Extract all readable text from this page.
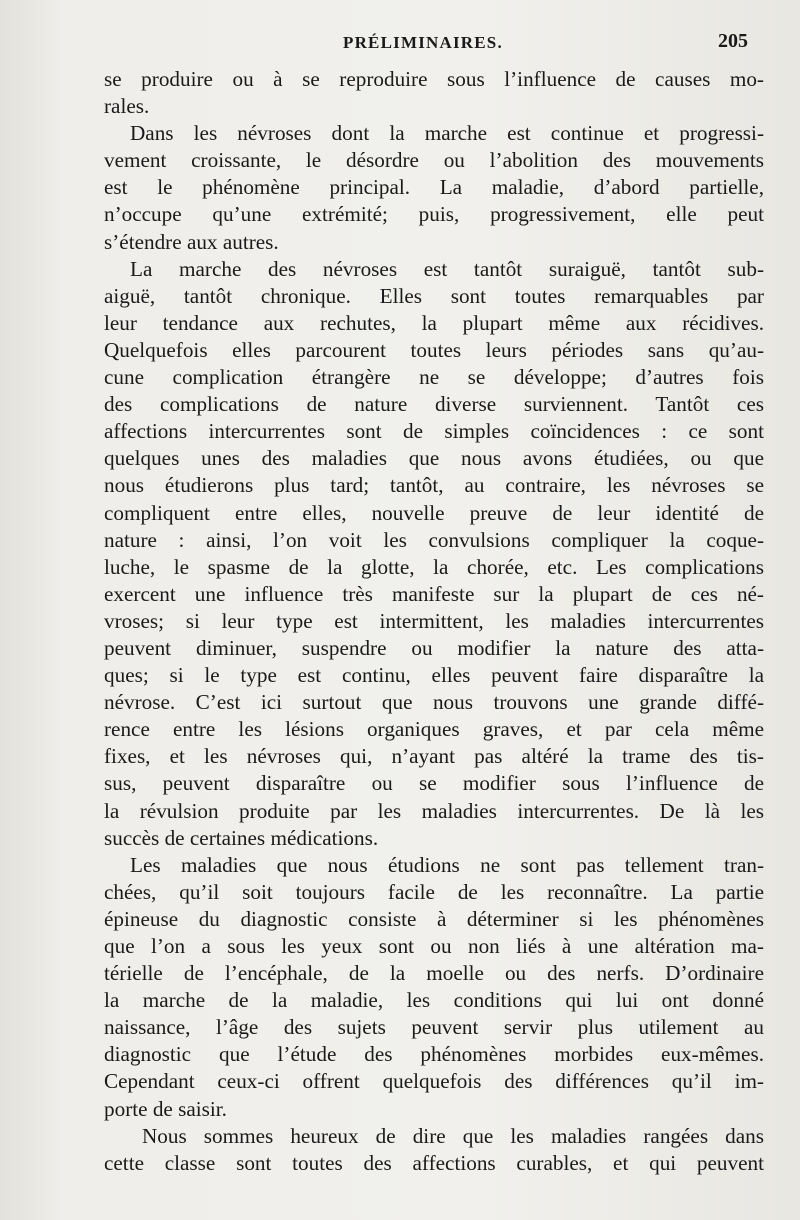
PRÉLIMINAIRES.	205
se produire ou à se reproduire sous l’influence de causes mo-
rales.
Dans les névroses dont la marche est continue et progressi-
vement croissante, le désordre ou l’abolition des mouvements
est le phénomène principal. La maladie, d’abord partielle,
n’occupe qu’une extrémité; puis, progressivement, elle peut
s’étendre aux autres.
La marche des névroses est tantôt suraiguë, tantôt sub-
aiguë, tantôt chronique. Elles sont toutes remarquables par
leur tendance aux rechutes, la plupart même aux récidives.
Quelquefois elles parcourent toutes leurs périodes sans qu’au-
cune complication étrangère ne se développe; d’autres fois
des complications de nature diverse surviennent. Tantôt ces
affections intercurrentes sont de simples coïncidences : ce sont
quelques unes des maladies que nous avons étudiées, ou que
nous étudierons plus tard; tantôt, au contraire, les névroses se
compliquent entre elles, nouvelle preuve de leur identité de
nature : ainsi, l’on voit les convulsions compliquer la coque-
luche, le spasme de la glotte, la chorée, etc. Les complications
exercent une influence très manifeste sur la plupart de ces né-
vroses; si leur type est intermittent, les maladies intercurrentes
peuvent diminuer, suspendre ou modifier la nature des atta-
ques; si le type est continu, elles peuvent faire disparaître la
névrose. C’est ici surtout que nous trouvons une grande diffé-
rence entre les lésions organiques graves, et par cela même
fixes, et les névroses qui, n’ayant pas altéré la trame des tis-
sus, peuvent disparaître ou se modifier sous l’influence de
la révulsion produite par les maladies intercurrentes. De là les
succès de certaines médications.
Les maladies que nous étudions ne sont pas tellement tran-
chées, qu’il soit toujours facile de les reconnaître. La partie
épineuse du diagnostic consiste à déterminer si les phénomènes
que l’on a sous les yeux sont ou non liés à une altération ma-
térielle de l’encéphale, de la moelle ou des nerfs. D’ordinaire
la marche de la maladie, les conditions qui lui ont donné
naissance, l’âge des sujets peuvent servir plus utilement au
diagnostic que l’étude des phénomènes morbides eux-mêmes.
Cependant ceux-ci offrent quelquefois des différences qu’il im-
porte de saisir.
Nous sommes heureux de dire que les maladies rangées dans
cette classe sont toutes des affections curables, et qui peuvent
